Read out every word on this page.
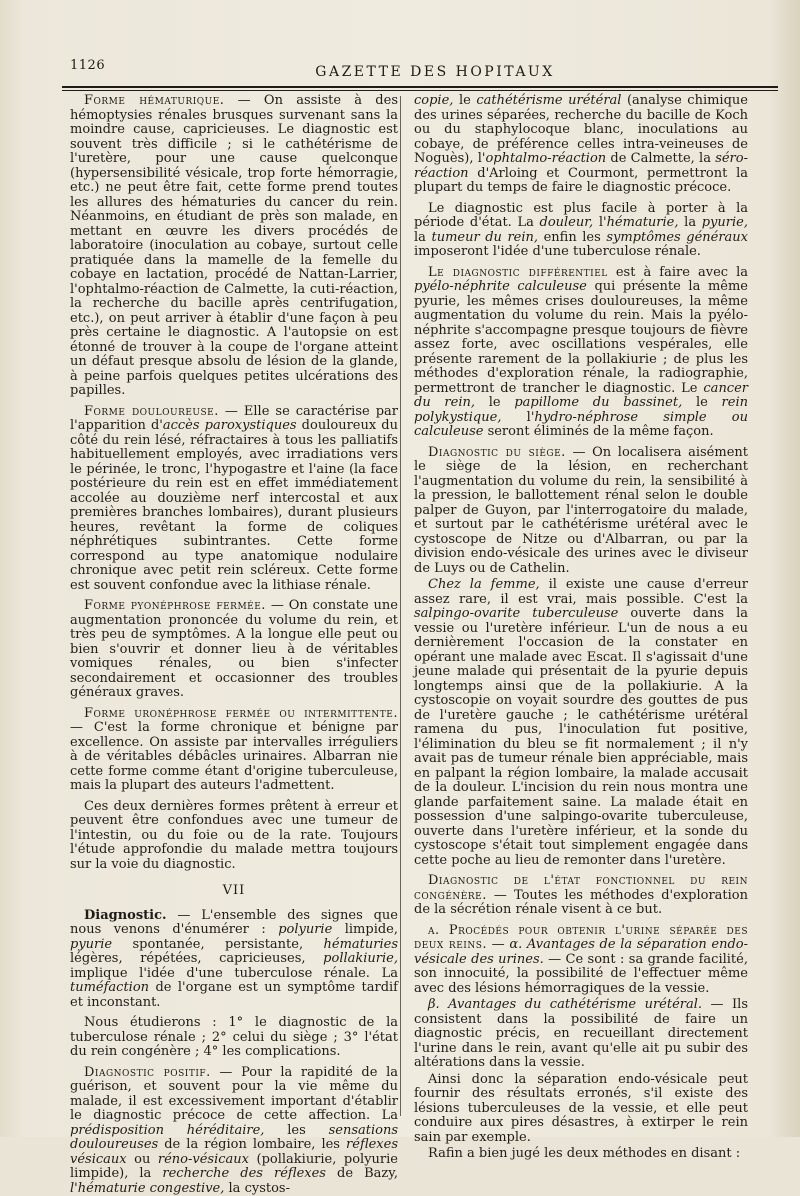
1126	GAZETTE DES HOPITAUX

Forme hématurique. — On assiste à des hémoptysies rénales brusques survenant sans la moindre cause, capricieuses. Le diagnostic est souvent très difficile ; si le cathétérisme de l'uretère, pour une cause quelconque (hypersensibilité vésicale, trop forte hémorragie, etc.) ne peut être fait, cette forme prend toutes les allures des hématuries du cancer du rein. Néanmoins, en étudiant de près son malade, en mettant en œuvre les divers procédés de laboratoire (inoculation au cobaye, surtout celle pratiquée dans la mamelle de la femelle du cobaye en lactation, procédé de Nattan-Larrier, l'ophtalmo-réaction de Calmette, la cuti-réaction, la recherche du bacille après centrifugation, etc.), on peut arriver à établir d'une façon à peu près certaine le diagnostic. A l'autopsie on est étonné de trouver à la coupe de l'organe atteint un défaut presque absolu de lésion de la glande, à peine parfois quelques petites ulcérations des papilles.

Forme douloureuse. — Elle se caractérise par l'apparition d'accès paroxystiques douloureux du côté du rein lésé, réfractaires à tous les palliatifs habituellement employés, avec irradiations vers le périnée, le tronc, l'hypogastre et l'aine (la face postérieure du rein est en effet immédiatement accolée au douzième nerf intercostal et aux premières branches lombaires), durant plusieurs heures, revêtant la forme de coliques néphrétiques subintrantes. Cette forme correspond au type anatomique nodulaire chronique avec petit rein scléreux. Cette forme est souvent confondue avec la lithiase rénale.

Forme pyonéphrose fermée. — On constate une augmentation prononcée du volume du rein, et très peu de symptômes. A la longue elle peut ou bien s'ouvrir et donner lieu à de véritables vomiques rénales, ou bien s'infecter secondairement et occasionner des troubles généraux graves.

Forme uronéphrose fermée ou intermittente. — C'est la forme chronique et bénigne par excellence. On assiste par intervalles irréguliers à de véritables débâcles urinaires. Albarran nie cette forme comme étant d'origine tuberculeuse, mais la plupart des auteurs l'admettent.

Ces deux dernières formes prêtent à erreur et peuvent être confondues avec une tumeur de l'intestin, ou du foie ou de la rate. Toujours l'étude approfondie du malade mettra toujours sur la voie du diagnostic.

VII

Diagnostic. — L'ensemble des signes que nous venons d'énumérer : polyurie limpide, pyurie spontanée, persistante, hématuries légères, répétées, capricieuses, pollakiurie, implique l'idée d'une tuberculose rénale. La tuméfaction de l'organe est un symptôme tardif et inconstant.

Nous étudierons : 1° le diagnostic de la tuberculose rénale ; 2° celui du siège ; 3° l'état du rein congénère ; 4° les complications.

Diagnostic positif. — Pour la rapidité de la guérison, et souvent pour la vie même du malade, il est excessivement important d'établir le diagnostic précoce de cette affection. La prédisposition héréditaire, les sensations douloureuses de la région lombaire, les réflexes vésicaux ou réno-vésicaux (pollakiurie, polyurie limpide), la recherche des réflexes de Bazy, l'hématurie congestive, la cystos-

copie, le cathétérisme urétéral (analyse chimique des urines séparées, recherche du bacille de Koch ou du staphylocoque blanc, inoculations au cobaye, de préférence celles intra-veineuses de Noguès), l'ophtalmo-réaction de Calmette, la séro-réaction d'Arloing et Courmont, permettront la plupart du temps de faire le diagnostic précoce.

Le diagnostic est plus facile à porter à la période d'état. La douleur, l'hématurie, la pyurie, la tumeur du rein, enfin les symptômes généraux imposeront l'idée d'une tuberculose rénale.

Le diagnostic différentiel est à faire avec la pyélo-néphrite calculeuse qui présente la même pyurie, les mêmes crises douloureuses, la même augmentation du volume du rein. Mais la pyélo-néphrite s'accompagne presque toujours de fièvre assez forte, avec oscillations vespérales, elle présente rarement de la pollakiurie ; de plus les méthodes d'exploration rénale, la radiographie, permettront de trancher le diagnostic. Le cancer du rein, le papillome du bassinet, le rein polykystique, l'hydro-néphrose simple ou calculeuse seront éliminés de la même façon.

Diagnostic du siège. — On localisera aisément le siège de la lésion, en recherchant l'augmentation du volume du rein, la sensibilité à la pression, le ballottement rénal selon le double palper de Guyon, par l'interrogatoire du malade, et surtout par le cathétérisme urétéral avec le cystoscope de Nitze ou d'Albarran, ou par la division endo-vésicale des urines avec le diviseur de Luys ou de Cathelin.

Chez la femme, il existe une cause d'erreur assez rare, il est vrai, mais possible. C'est la salpingo-ovarite tuberculeuse ouverte dans la vessie ou l'uretère inférieur. L'un de nous a eu dernièrement l'occasion de la constater en opérant une malade avec Escat. Il s'agissait d'une jeune malade qui présentait de la pyurie depuis longtemps ainsi que de la pollakiurie. A la cystoscopie on voyait sourdre des gouttes de pus de l'uretère gauche ; le cathétérisme urétéral ramena du pus, l'inoculation fut positive, l'élimination du bleu se fit normalement ; il n'y avait pas de tumeur rénale bien appréciable, mais en palpant la région lombaire, la malade accusait de la douleur. L'incision du rein nous montra une glande parfaitement saine. La malade était en possession d'une salpingo-ovarite tuberculeuse, ouverte dans l'uretère inférieur, et la sonde du cystoscope s'était tout simplement engagée dans cette poche au lieu de remonter dans l'uretère.

Diagnostic de l'état fonctionnel du rein congénère. — Toutes les méthodes d'exploration de la sécrétion rénale visent à ce but.

a. Procédés pour obtenir l'urine séparée des deux reins. — α. Avantages de la séparation endo-vésicale des urines. — Ce sont : sa grande facilité, son innocuité, la possibilité de l'effectuer même avec des lésions hémorragiques de la vessie.

β. Avantages du cathétérisme urétéral. — Ils consistent dans la possibilité de faire un diagnostic précis, en recueillant directement l'urine dans le rein, avant qu'elle ait pu subir des altérations dans la vessie.

Ainsi donc la séparation endo-vésicale peut fournir des résultats erronés, s'il existe des lésions tuberculeuses de la vessie, et elle peut conduire aux pires désastres, à extirper le rein sain par exemple.

Rafin a bien jugé les deux méthodes en disant :
